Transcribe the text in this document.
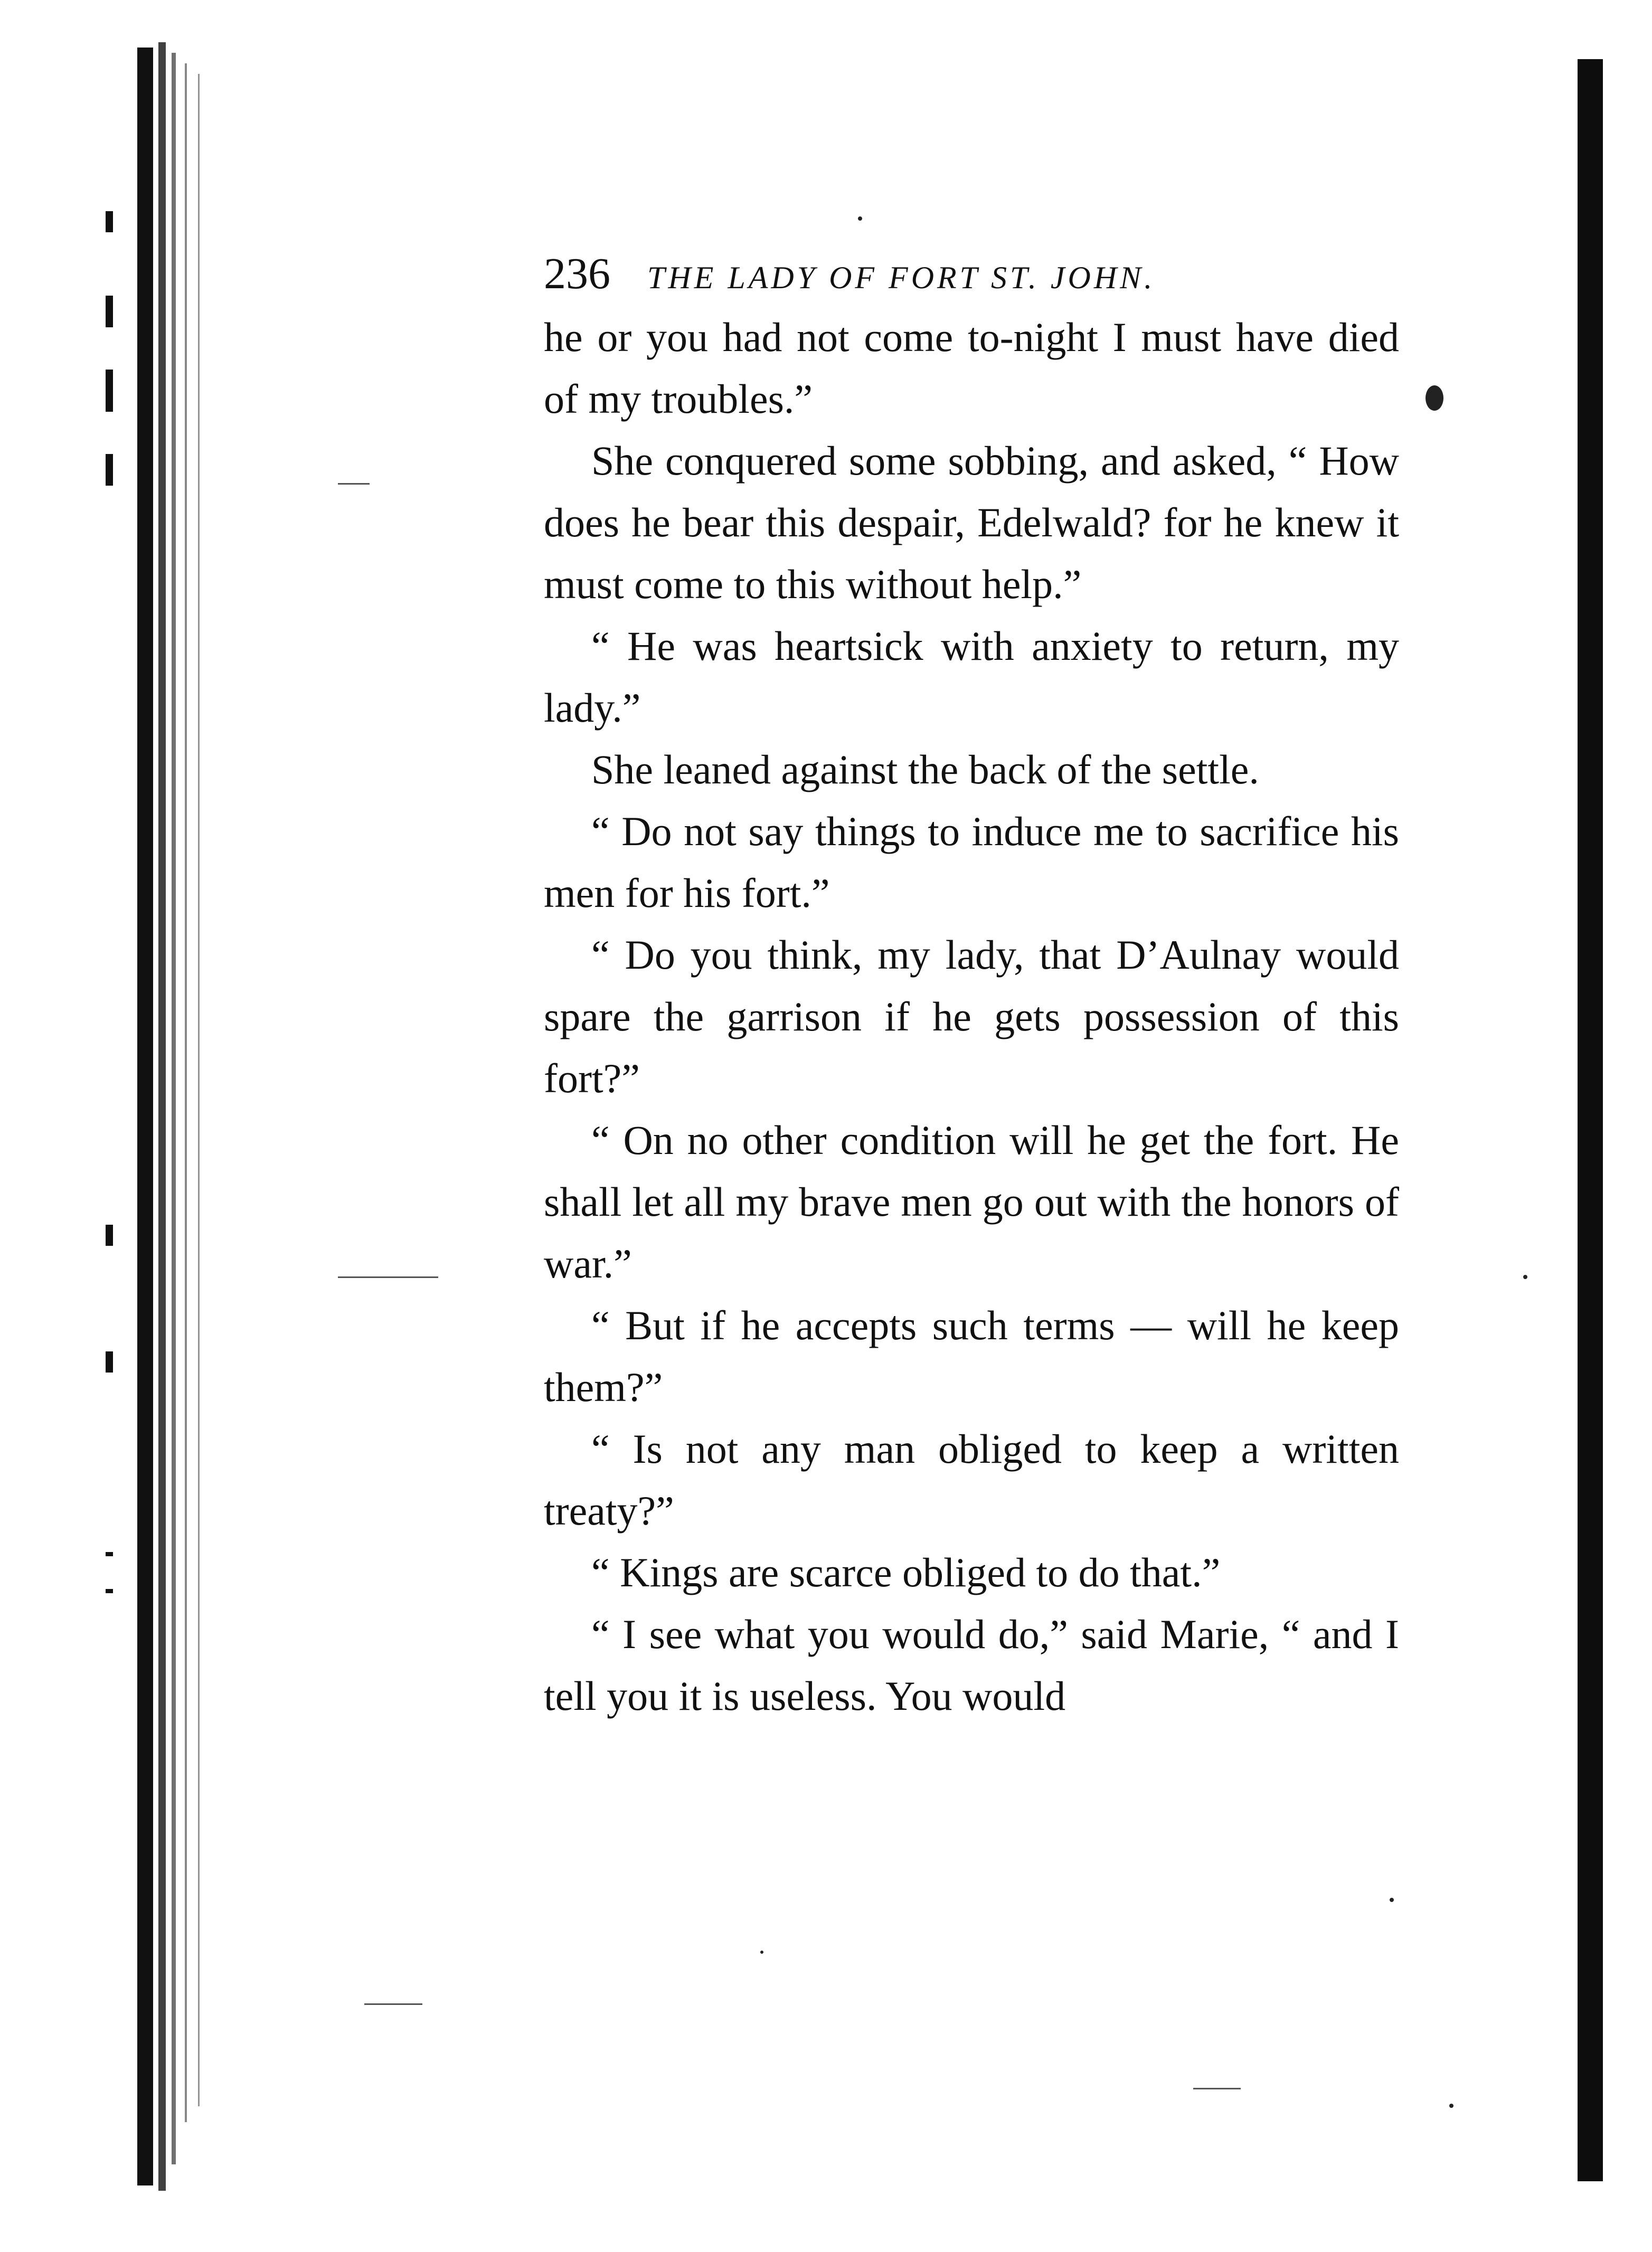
236 THE LADY OF FORT ST. JOHN.

he or you had not come to-night I must have died of my troubles.”

She conquered some sobbing, and asked, “ How does he bear this despair, Edelwald? for he knew it must come to this without help.”

“ He was heartsick with anxiety to return, my lady.”

She leaned against the back of the settle.

“ Do not say things to induce me to sacrifice his men for his fort.”

“ Do you think, my lady, that D’Aulnay would spare the garrison if he gets possession of this fort?”

“ On no other condition will he get the fort. He shall let all my brave men go out with the honors of war.”

“ But if he accepts such terms — will he keep them?”

“ Is not any man obliged to keep a written treaty?”

“ Kings are scarce obliged to do that.”

“ I see what you would do,” said Marie, “ and I tell you it is useless. You would
